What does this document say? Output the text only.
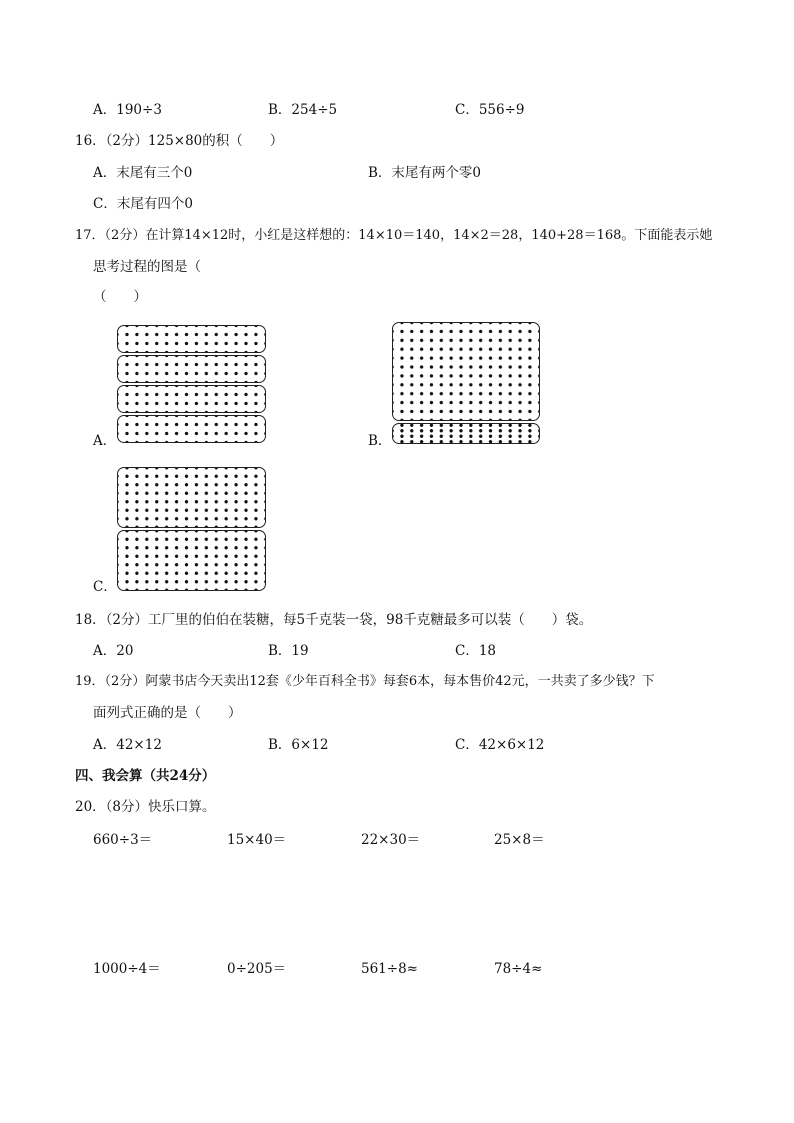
A．190÷3	B．254÷5	C．556÷9
16．（2分）125×80的积（　　）
A．末尾有三个0	B．末尾有两个零0
C．末尾有四个0
17．（2分）在计算14×12时，小红是这样想的：14×10＝140，14×2＝28，140+28＝168。下面能表示她
思考过程的图是（
（　　）
A．	B．
C．
18．（2分）工厂里的伯伯在装糖，每5千克装一袋，98千克糖最多可以装（　　）袋。
A．20	B．19	C．18
19．（2分）阿蒙书店今天卖出12套《少年百科全书》每套6本，每本售价42元，一共卖了多少钱？下
面列式正确的是（　　）
A．42×12	B．6×12	C．42×6×12
四、我会算（共24分）
20．（8分）快乐口算。
660÷3＝	15×40＝	22×30＝	25×8＝
1000÷4＝	0÷205＝	561÷8≈	78÷4≈
